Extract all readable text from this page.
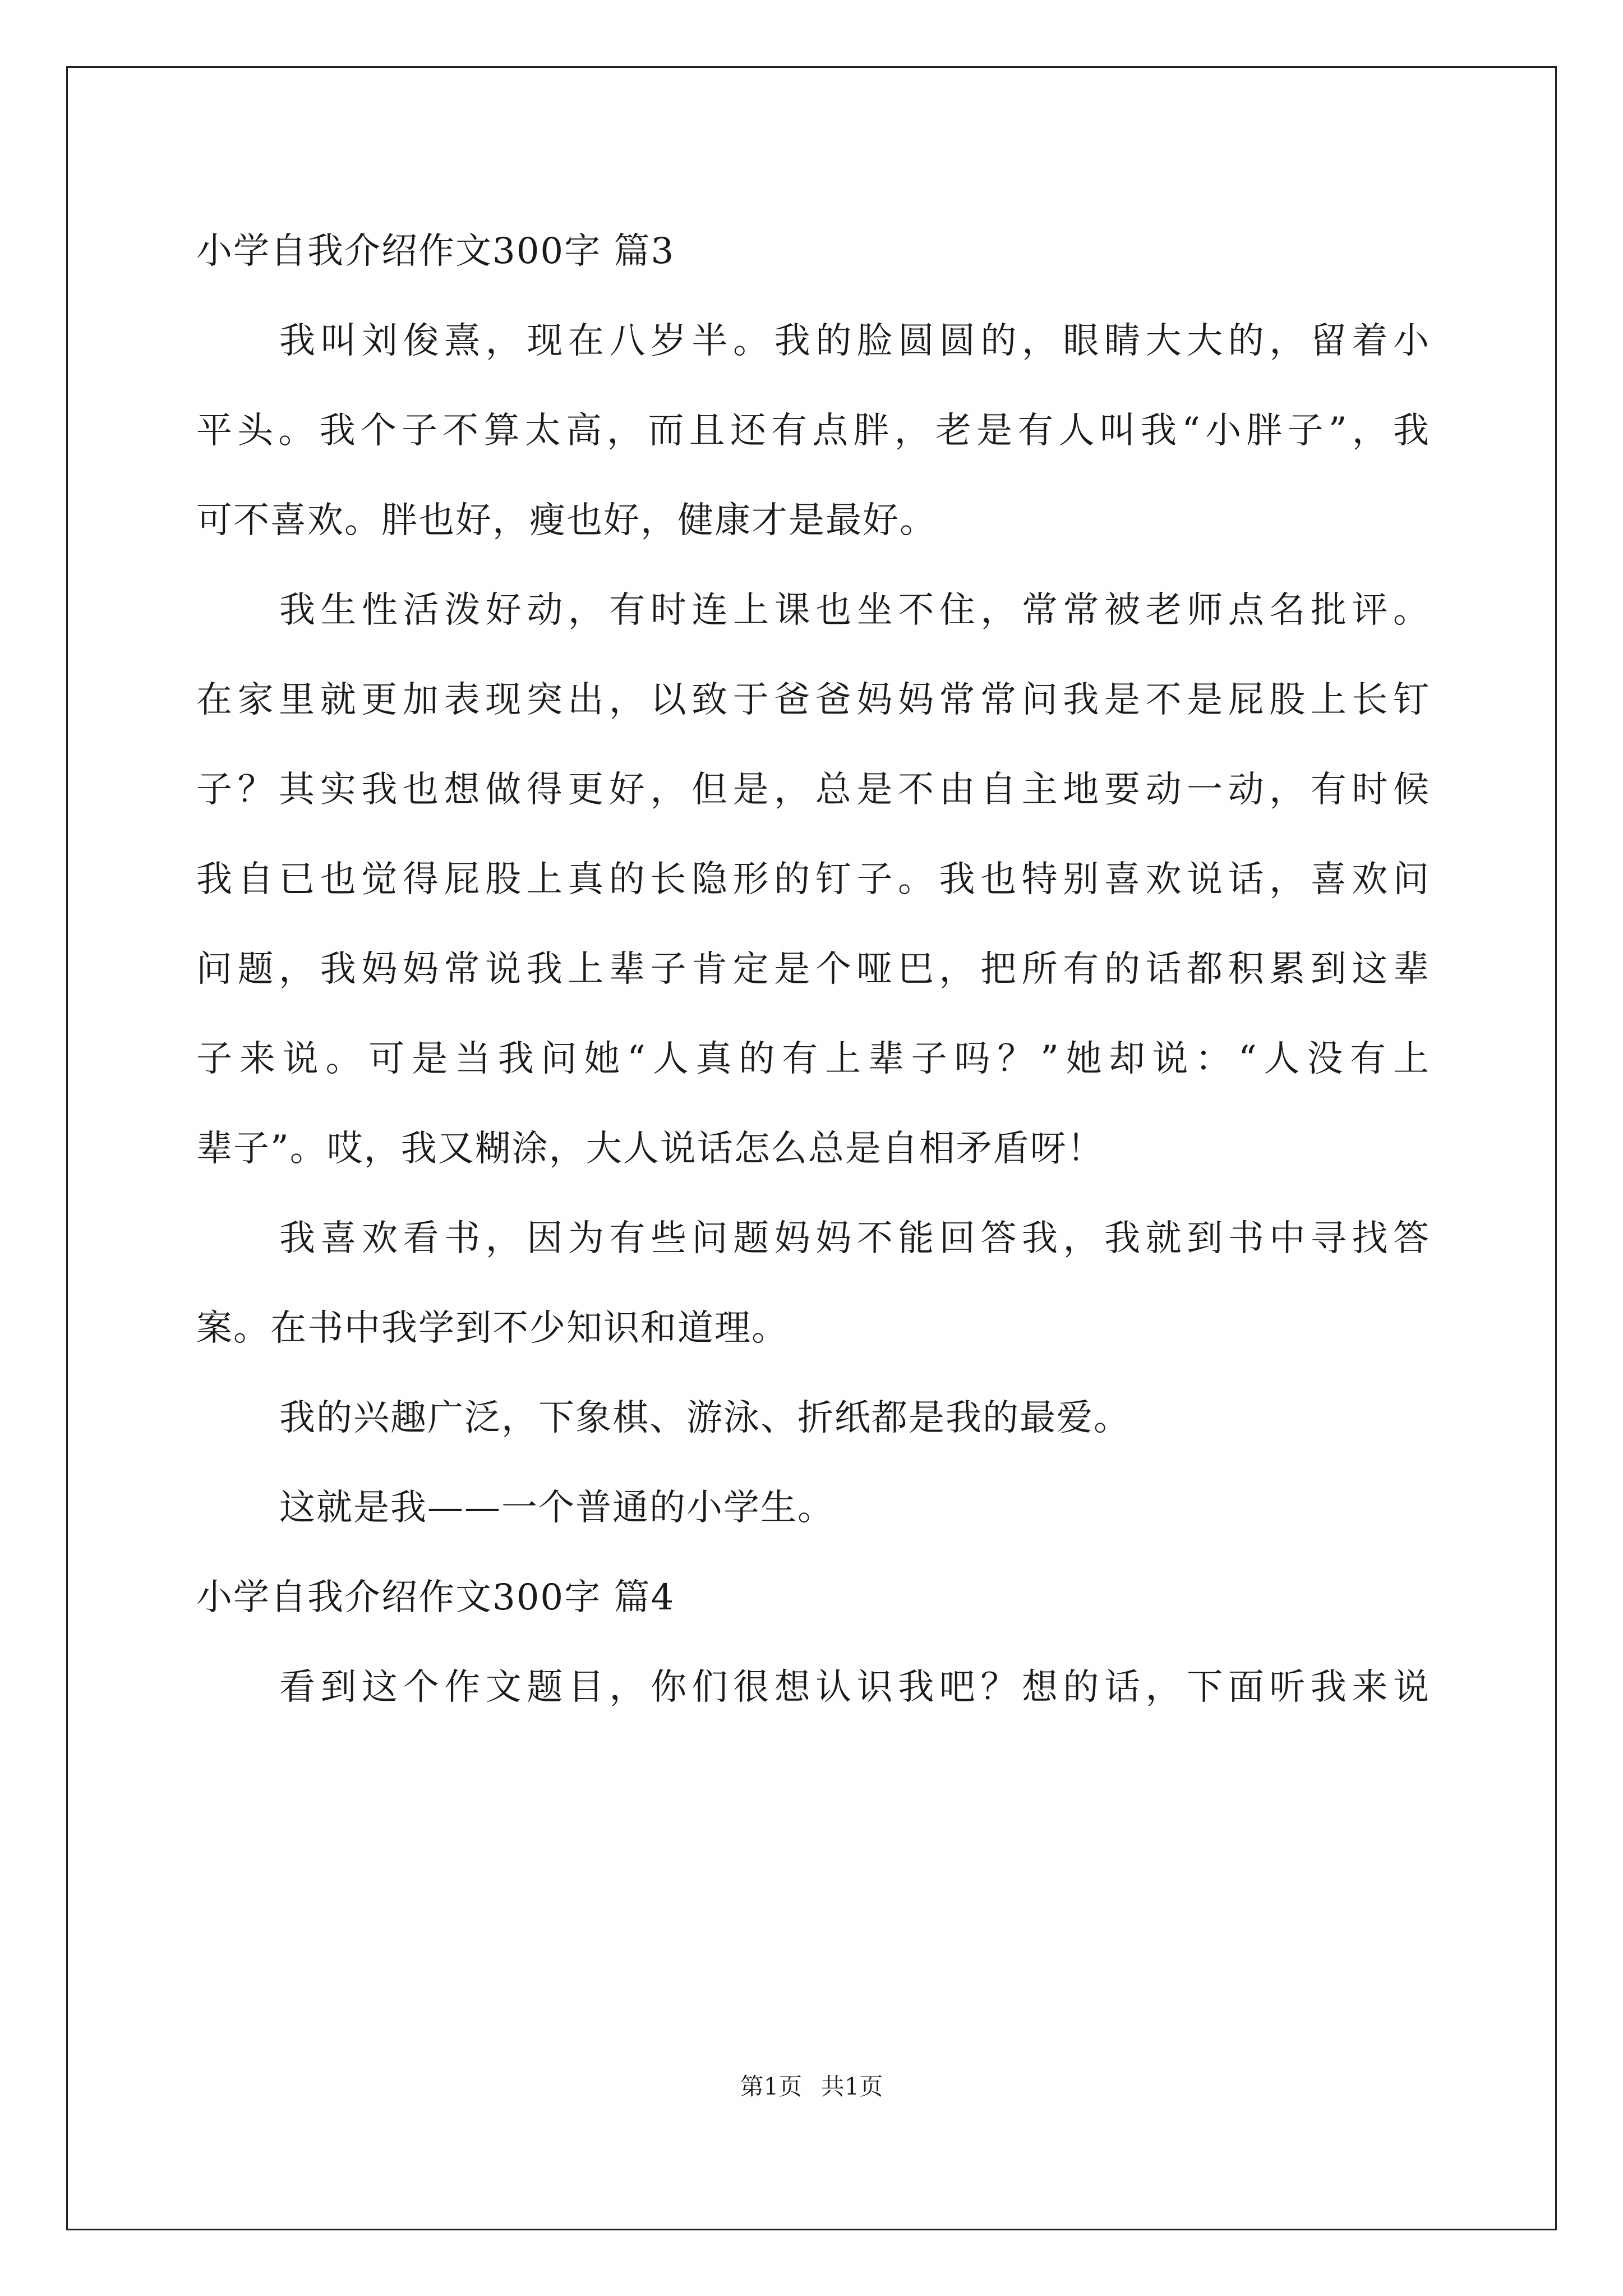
小学自我介绍作文300字 篇3
我叫刘俊熹，现在八岁半。我的脸圆圆的，眼睛大大的，留着小
平头。我个子不算太高，而且还有点胖，老是有人叫我“小胖子”，我
可不喜欢。胖也好，瘦也好，健康才是最好。
我生性活泼好动，有时连上课也坐不住，常常被老师点名批评。
在家里就更加表现突出，以致于爸爸妈妈常常问我是不是屁股上长钉
子？其实我也想做得更好，但是，总是不由自主地要动一动，有时候
我自已也觉得屁股上真的长隐形的钉子。我也特别喜欢说话，喜欢问
问题，我妈妈常说我上辈子肯定是个哑巴，把所有的话都积累到这辈
子来说。可是当我问她“人真的有上辈子吗？”她却说：“人没有上
辈子”。哎，我又糊涂，大人说话怎么总是自相矛盾呀！
我喜欢看书，因为有些问题妈妈不能回答我，我就到书中寻找答
案。在书中我学到不少知识和道理。
我的兴趣广泛，下象棋、游泳、折纸都是我的最爱。
这就是我——一个普通的小学生。
小学自我介绍作文300字 篇4
看到这个作文题目，你们很想认识我吧？想的话，下面听我来说
第1页 共1页
